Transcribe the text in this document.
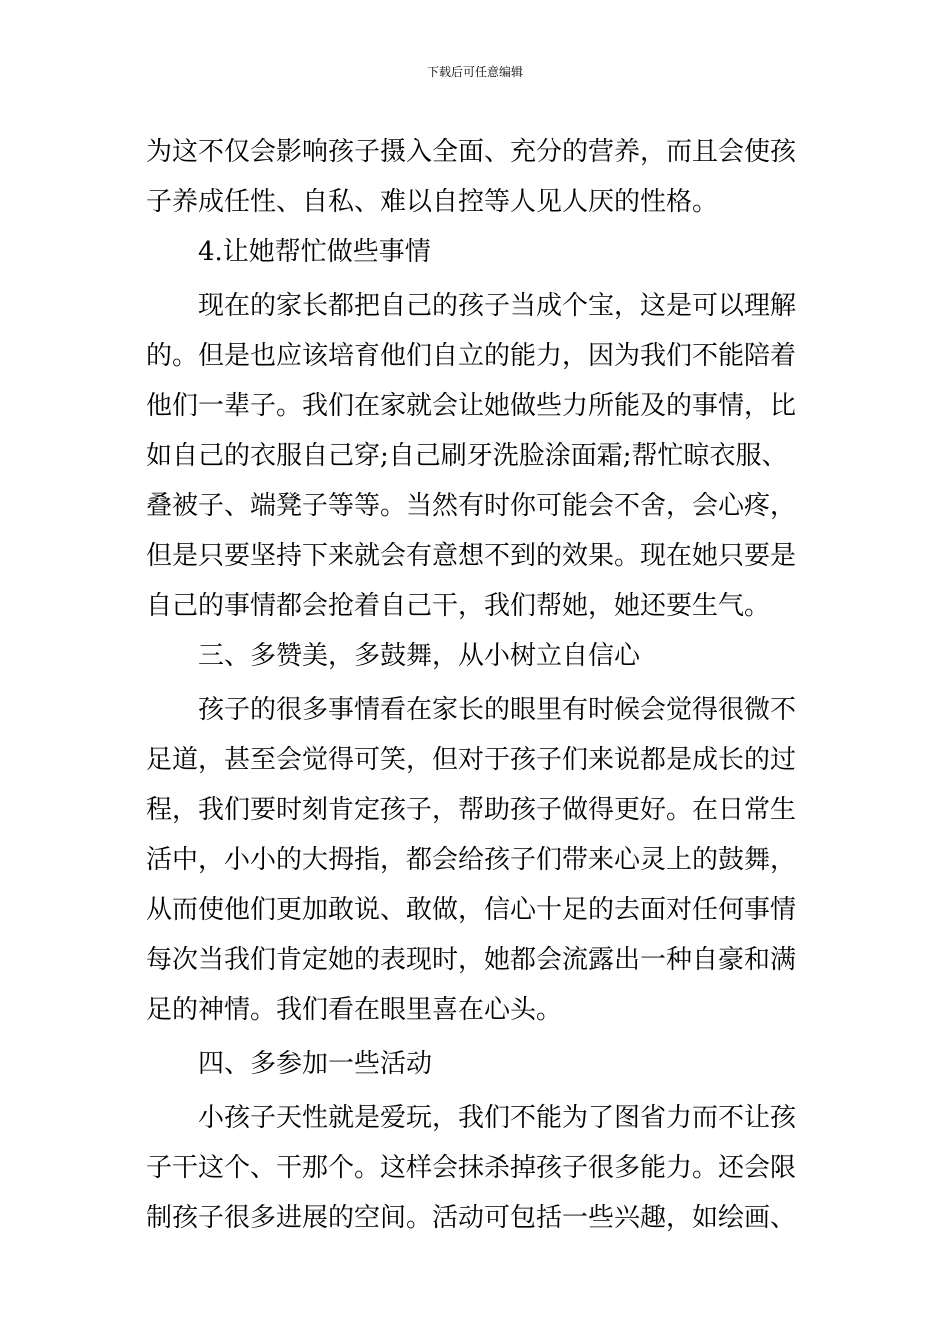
下载后可任意编辑
为这不仅会影响孩子摄入全面、充分的营养，而且会使孩
子养成任性、自私、难以自控等人见人厌的性格。
4.让她帮忙做些事情
现在的家长都把自己的孩子当成个宝，这是可以理解
的。但是也应该培育他们自立的能力，因为我们不能陪着
他们一辈子。我们在家就会让她做些力所能及的事情，比
如自己的衣服自己穿;自己刷牙洗脸涂面霜;帮忙晾衣服、
叠被子、端凳子等等。当然有时你可能会不舍，会心疼，
但是只要坚持下来就会有意想不到的效果。现在她只要是
自己的事情都会抢着自己干，我们帮她，她还要生气。
三、多赞美，多鼓舞，从小树立自信心
孩子的很多事情看在家长的眼里有时候会觉得很微不
足道，甚至会觉得可笑，但对于孩子们来说都是成长的过
程，我们要时刻肯定孩子，帮助孩子做得更好。在日常生
活中，小小的大拇指，都会给孩子们带来心灵上的鼓舞，
从而使他们更加敢说、敢做，信心十足的去面对任何事情
每次当我们肯定她的表现时，她都会流露出一种自豪和满
足的神情。我们看在眼里喜在心头。
四、多参加一些活动
小孩子天性就是爱玩，我们不能为了图省力而不让孩
子干这个、干那个。这样会抹杀掉孩子很多能力。还会限
制孩子很多进展的空间。活动可包括一些兴趣，如绘画、
